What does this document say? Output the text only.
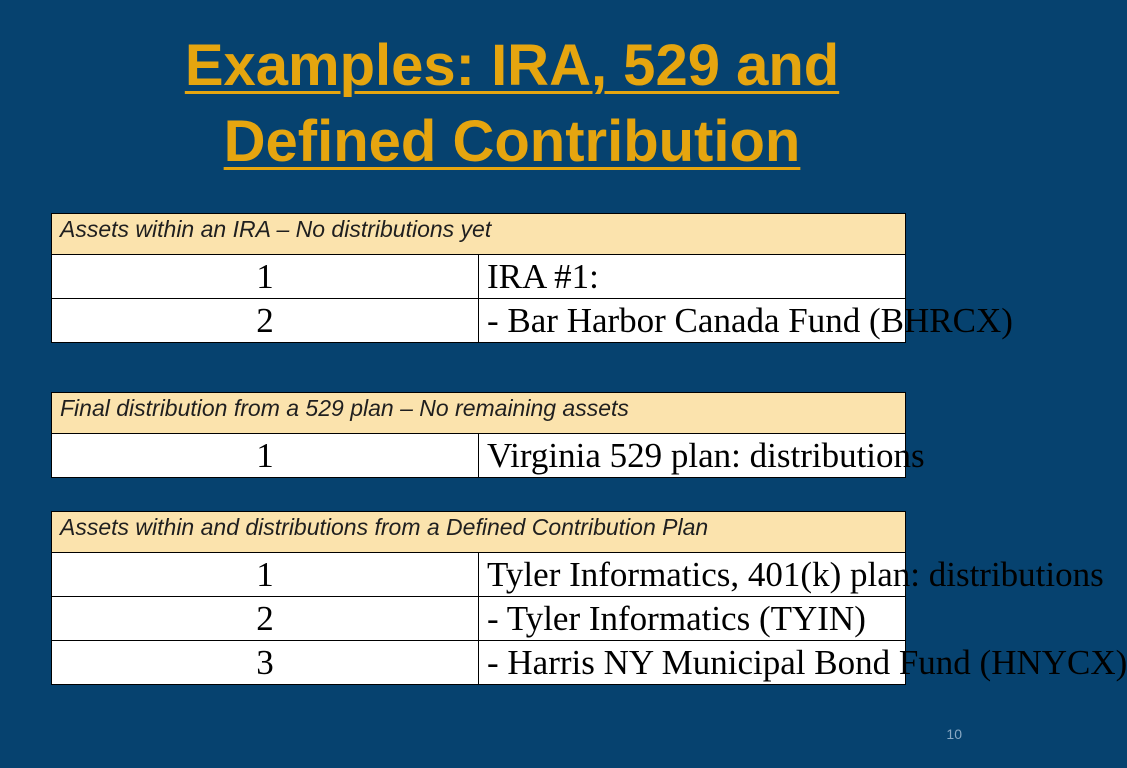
Examples: IRA, 529 and
Defined Contribution
Assets within an IRA – No distributions yet	
1	IRA #1:
2	- Bar Harbor Canada Fund (BHRCX)
Final distribution from a 529 plan – No remaining assets
1	Virginia 529 plan: distributions
Assets within and distributions from a Defined Contribution Plan	
1	Tyler Informatics, 401(k) plan: distributions
2	- Tyler Informatics (TYIN)
3	- Harris NY Municipal Bond Fund (HNYCX)
10
